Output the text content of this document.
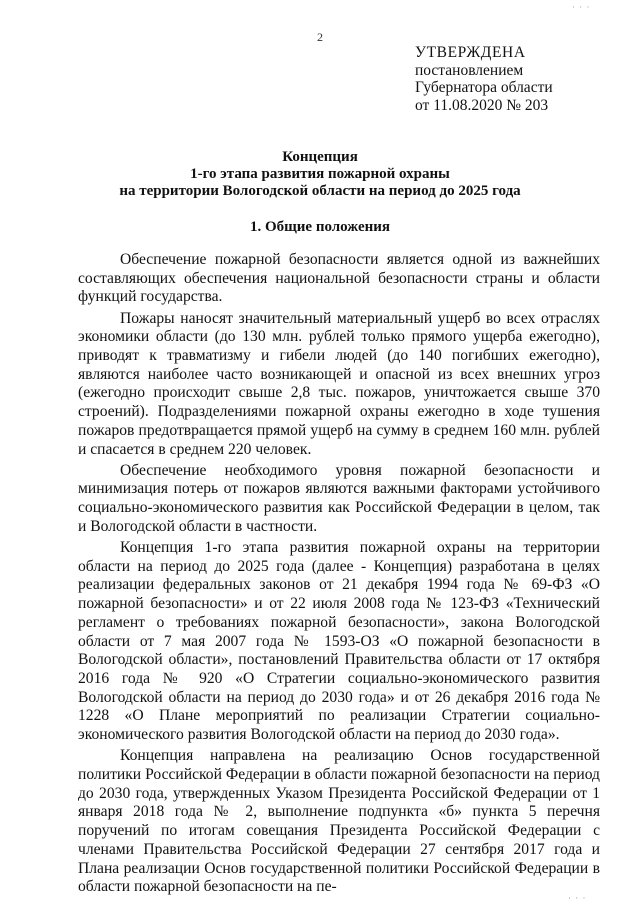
· · ·
2
УТВЕРЖДЕНА
постановлением
Губернатора области
от 11.08.2020 № 203
Концепция
1-го этапа развития пожарной охраны
на территории Вологодской области на период до 2025 года
1. Общие положения

Обеспечение пожарной безопасности является одной из важнейших составляющих обеспечения национальной безопасности страны и области функций государства.

Пожары наносят значительный материальный ущерб во всех отраслях экономики области (до 130 млн. рублей только прямого ущерба ежегодно), приводят к травматизму и гибели людей (до 140 погибших ежегодно), являются наиболее часто возникающей и опасной из всех внешних угроз (ежегодно происходит свыше 2,8 тыс. пожаров, уничтожается свыше 370 строений). Подразделениями пожарной охраны ежегодно в ходе тушения пожаров предотвращается прямой ущерб на сумму в среднем 160 млн. рублей и спасается в среднем 220 человек.

Обеспечение необходимого уровня пожарной безопасности и минимизация потерь от пожаров являются важными факторами устойчивого социально-экономического развития как Российской Федерации в целом, так и Вологодской области в частности.

Концепция 1-го этапа развития пожарной охраны на территории области на период до 2025 года (далее - Концепция) разработана в целях реализации федеральных законов от 21 декабря 1994 года № 69-ФЗ «О пожарной безопасности» и от 22 июля 2008 года № 123-ФЗ «Технический регламент о требованиях пожарной безопасности», закона Вологодской области от 7 мая 2007 года № 1593-ОЗ «О пожарной безопасности в Вологодской области», постановлений Правительства области от 17 октября 2016 года № 920 «О Стратегии социально-экономического развития Вологодской области на период до 2030 года» и от 26 декабря 2016 года № 1228 «О Плане мероприятий по реализации Стратегии социально-экономического развития Вологодской области на период до 2030 года».

Концепция направлена на реализацию Основ государственной политики Российской Федерации в области пожарной безопасности на период до 2030 года, утвержденных Указом Президента Российской Федерации от 1 января 2018 года № 2, выполнение подпункта «б» пункта 5 перечня поручений по итогам совещания Президента Российской Федерации с членами Правительства Российской Федерации 27 сентября 2017 года и Плана реализации Основ государственной политики Российской Федерации в области пожарной безопасности на пе-

· · ·
